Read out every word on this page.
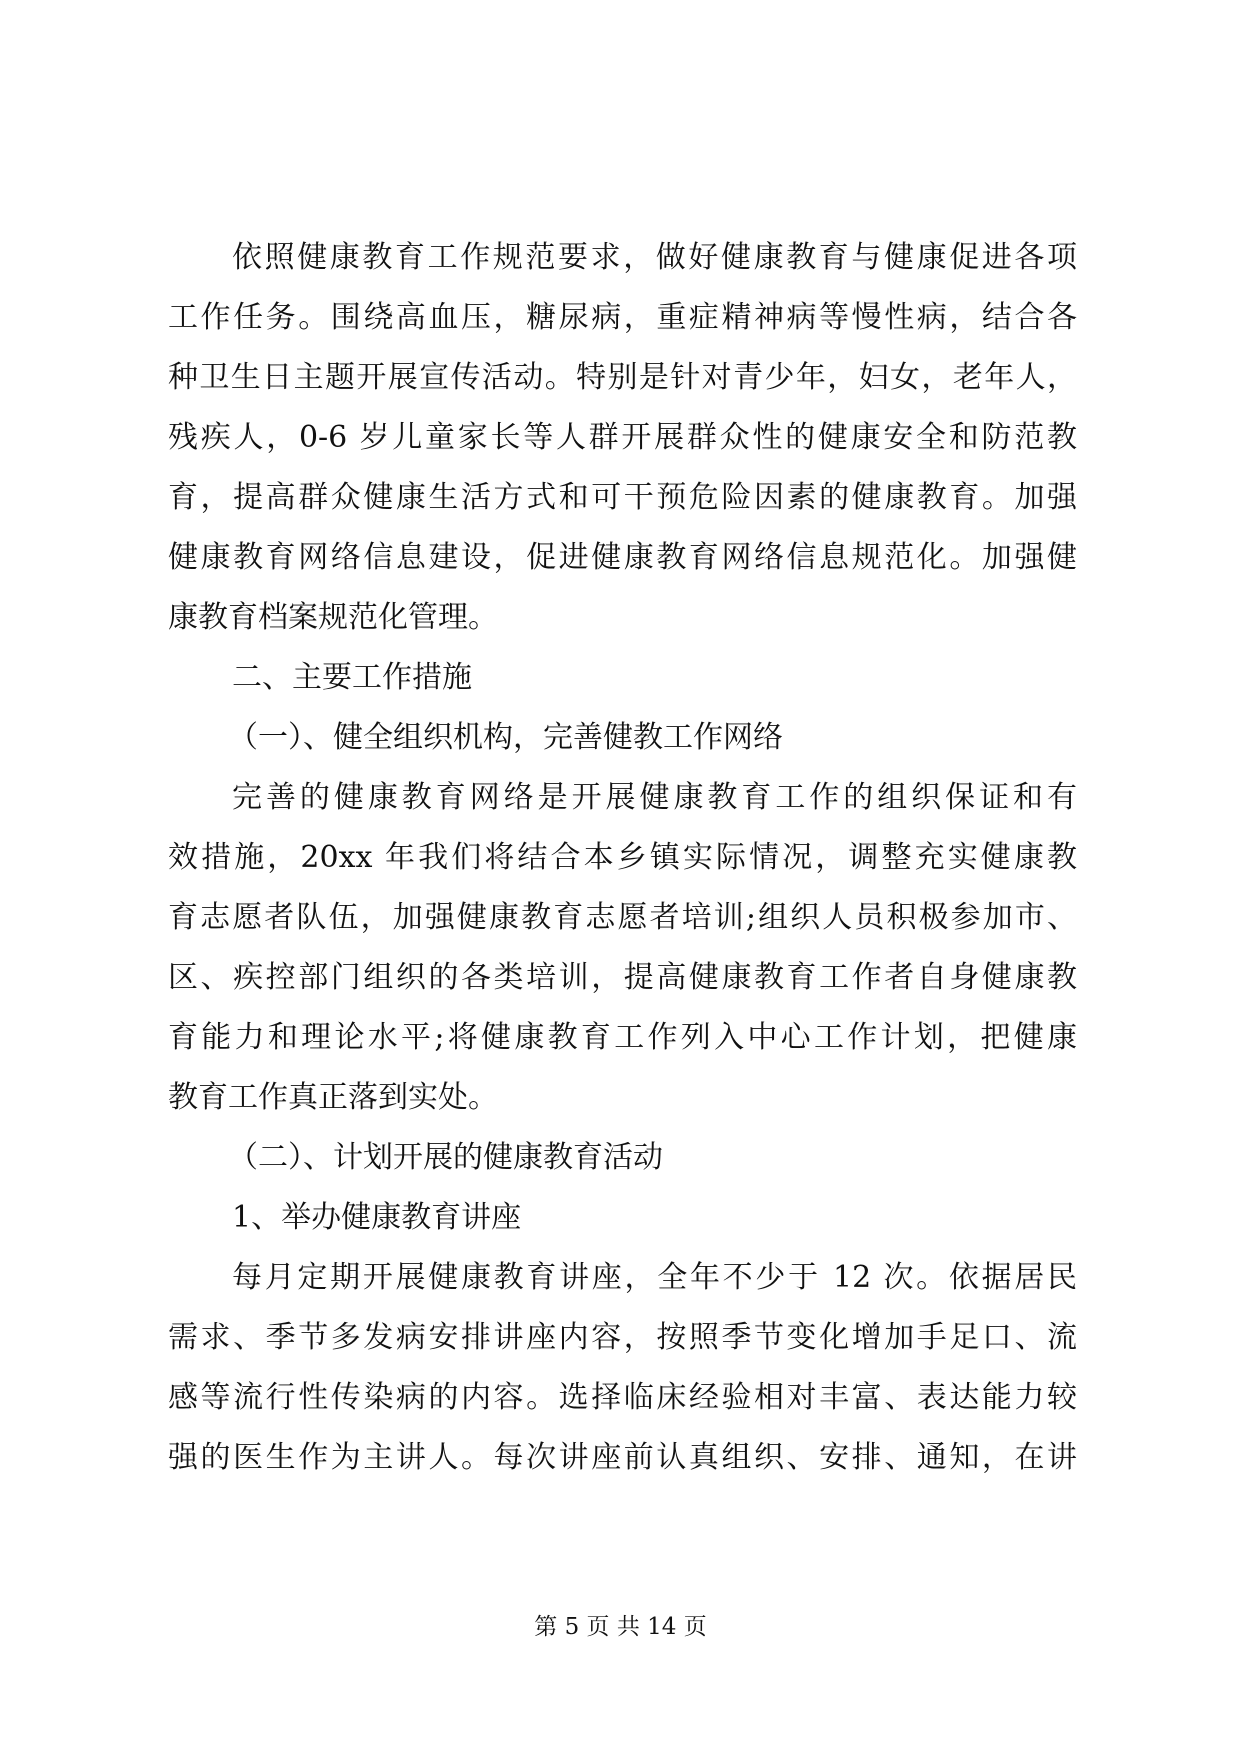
依照健康教育工作规范要求，做好健康教育与健康促进各项
工作任务。围绕高血压，糖尿病，重症精神病等慢性病，结合各
种卫生日主题开展宣传活动。特别是针对青少年，妇女，老年人，
残疾人，0-6 岁儿童家长等人群开展群众性的健康安全和防范教
育，提高群众健康生活方式和可干预危险因素的健康教育。加强
健康教育网络信息建设，促进健康教育网络信息规范化。加强健
康教育档案规范化管理。
二、主要工作措施
（一）、健全组织机构，完善健教工作网络
完善的健康教育网络是开展健康教育工作的组织保证和有
效措施，20xx 年我们将结合本乡镇实际情况，调整充实健康教
育志愿者队伍，加强健康教育志愿者培训;组织人员积极参加市、
区、疾控部门组织的各类培训，提高健康教育工作者自身健康教
育能力和理论水平;将健康教育工作列入中心工作计划，把健康
教育工作真正落到实处。
（二）、计划开展的健康教育活动
1、举办健康教育讲座
每月定期开展健康教育讲座，全年不少于 12 次。依据居民
需求、季节多发病安排讲座内容，按照季节变化增加手足口、流
感等流行性传染病的内容。选择临床经验相对丰富、表达能力较
强的医生作为主讲人。每次讲座前认真组织、安排、通知，在讲
第 5 页 共 14 页
